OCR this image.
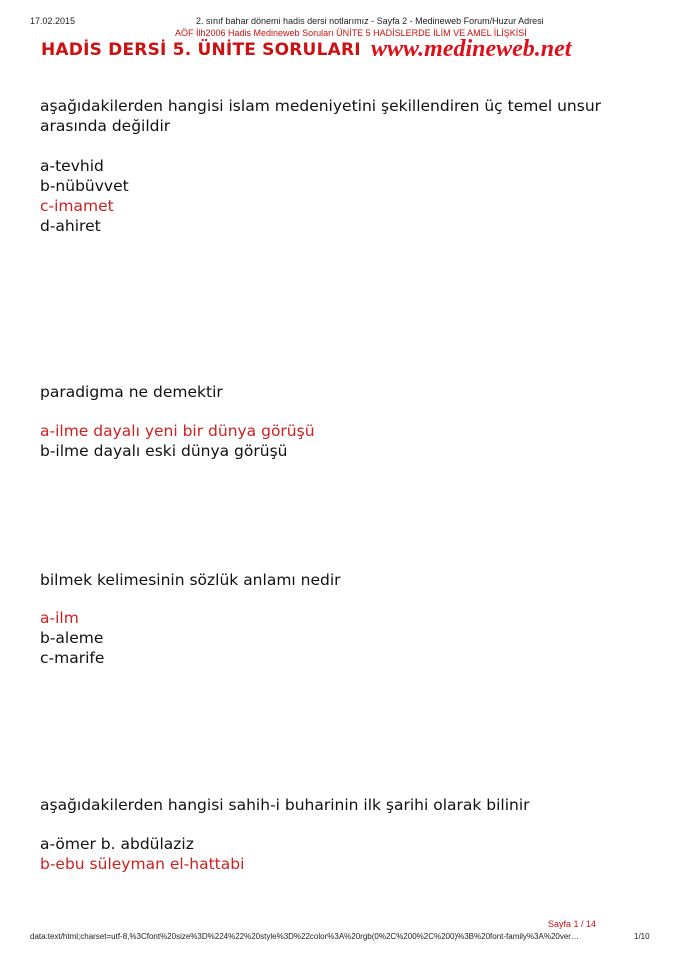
17.02.2015	2. sınıf bahar dönemi hadis dersi notlarımız - Sayfa 2 - Medineweb Forum/Huzur Adresi
AÖF İlh2006 Hadis Medineweb Soruları ÜNİTE 5 HADİSLERDE İLİM VE AMEL İLİŞKİSİ
HADİS DERSİ 5. ÜNİTE SORULARI www.medineweb.net
aşağıdakilerden hangisi islam medeniyetini şekillendiren üç temel unsur
arasında değildir
a-tevhid
b-nübüvvet
c-imamet
d-ahiret
paradigma ne demektir
a-ilme dayalı yeni bir dünya görüşü
b-ilme dayalı eski dünya görüşü
bilmek kelimesinin sözlük anlamı nedir
a-ilm
b-aleme
c-marife
aşağıdakilerden hangisi sahih-i buharinin ilk şarihi olarak bilinir
a-ömer b. abdülaziz
b-ebu süleyman el-hattabi
Sayfa 1 / 14
data:text/html;charset=utf-8,%3Cfont%20size%3D%224%22%20style%3D%22color%3A%20rgb(0%2C%200%2C%200)%3B%20font-family%3A%20ver…	1/10
